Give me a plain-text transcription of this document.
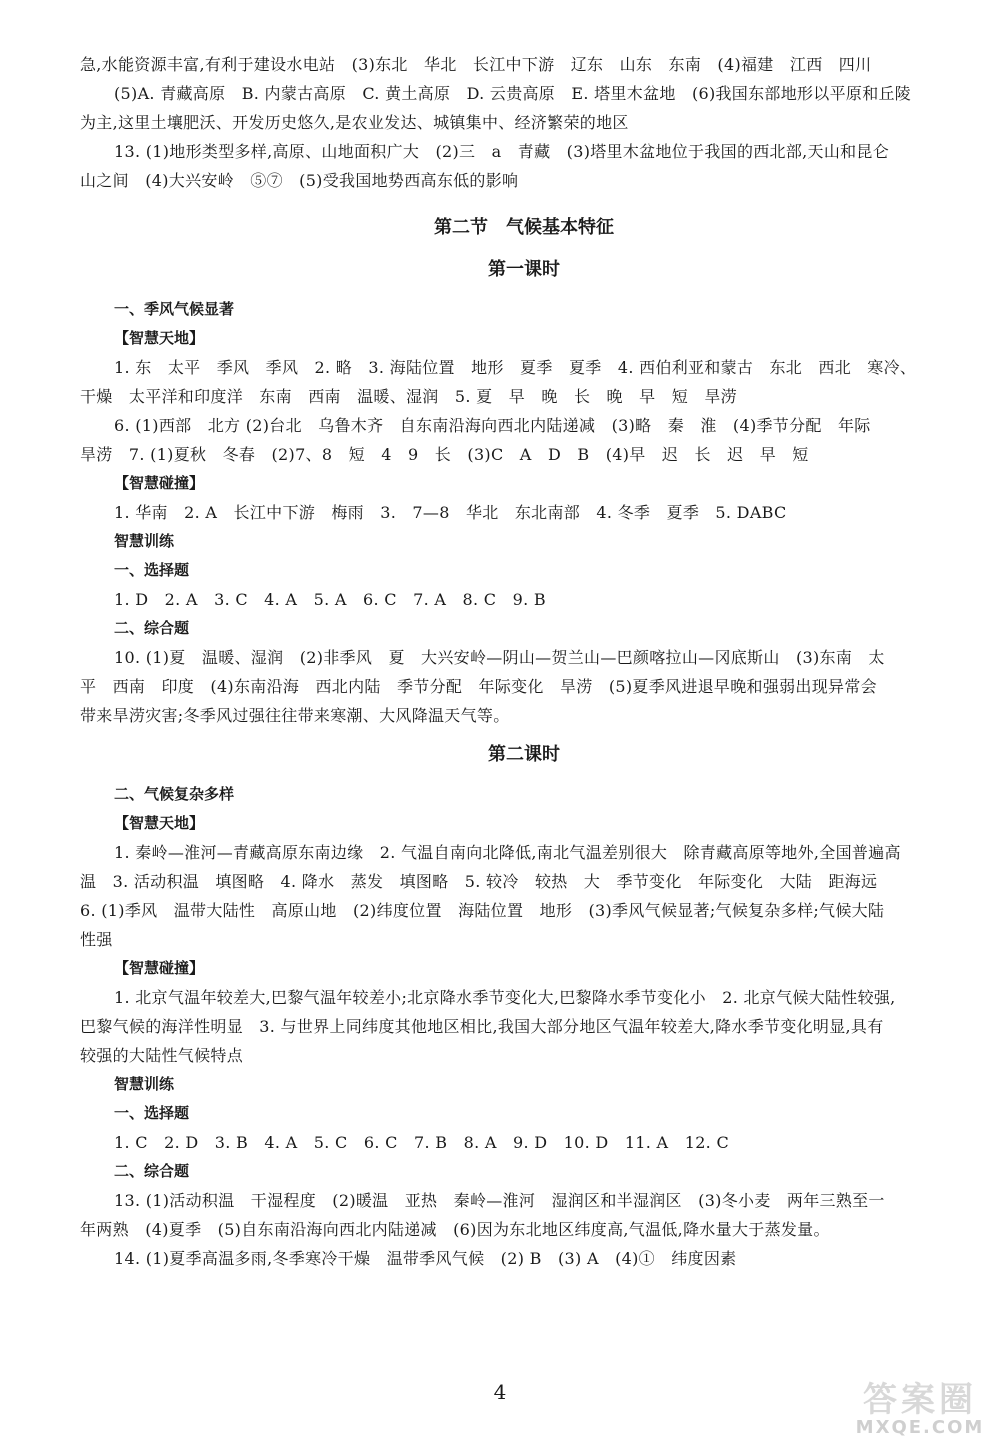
急,水能资源丰富,有利于建设水电站　(3)东北　华北　长江中下游　辽东　山东　东南　(4)福建　江西　四川
(5)A. 青藏高原　B. 内蒙古高原　C. 黄土高原　D. 云贵高原　E. 塔里木盆地　(6)我国东部地形以平原和丘陵
为主,这里土壤肥沃、开发历史悠久,是农业发达、城镇集中、经济繁荣的地区
13. (1)地形类型多样,高原、山地面积广大　(2)三　a　青藏　(3)塔里木盆地位于我国的西北部,天山和昆仑
山之间　(4)大兴安岭　⑤⑦　(5)受我国地势西高东低的影响
第二节　气候基本特征
第一课时
一、季风气候显著
【智慧天地】
1. 东　太平　季风　季风　2. 略　3. 海陆位置　地形　夏季　夏季　4. 西伯利亚和蒙古　东北　西北　寒冷、
干燥　太平洋和印度洋　东南　西南　温暖、湿润　5. 夏　早　晚　长　晚　早　短　旱涝
6. (1)西部　北方 (2)台北　乌鲁木齐　自东南沿海向西北内陆递减　(3)略　秦　淮　(4)季节分配　年际
旱涝　7. (1)夏秋　冬春　(2)7、8　短　4　9　长　(3)C　A　D　B　(4)早　迟　长　迟　早　短
【智慧碰撞】
1. 华南　2. A　长江中下游　梅雨　3.　7—8　华北　东北南部　4. 冬季　夏季　5. DABC
智慧训练
一、选择题
1. D　2. A　3. C　4. A　5. A　6. C　7. A　8. C　9. B
二、综合题
10. (1)夏　温暖、湿润　(2)非季风　夏　大兴安岭—阴山—贺兰山—巴颜喀拉山—冈底斯山　(3)东南　太
平　西南　印度　(4)东南沿海　西北内陆　季节分配　年际变化　旱涝　(5)夏季风进退早晚和强弱出现异常会
带来旱涝灾害;冬季风过强往往带来寒潮、大风降温天气等。
第二课时
二、气候复杂多样
【智慧天地】
1. 秦岭—淮河—青藏高原东南边缘　2. 气温自南向北降低,南北气温差别很大　除青藏高原等地外,全国普遍高
温　3. 活动积温　填图略　4. 降水　蒸发　填图略　5. 较冷　较热　大　季节变化　年际变化　大陆　距海远
6. (1)季风　温带大陆性　高原山地　(2)纬度位置　海陆位置　地形　(3)季风气候显著;气候复杂多样;气候大陆
性强
【智慧碰撞】
1. 北京气温年较差大,巴黎气温年较差小;北京降水季节变化大,巴黎降水季节变化小　2. 北京气候大陆性较强,
巴黎气候的海洋性明显　3. 与世界上同纬度其他地区相比,我国大部分地区气温年较差大,降水季节变化明显,具有
较强的大陆性气候特点
智慧训练
一、选择题
1. C　2. D　3. B　4. A　5. C　6. C　7. B　8. A　9. D　10. D　11. A　12. C
二、综合题
13. (1)活动积温　干湿程度　(2)暖温　亚热　秦岭—淮河　湿润区和半湿润区　(3)冬小麦　两年三熟至一
年两熟　(4)夏季　(5)自东南沿海向西北内陆递减　(6)因为东北地区纬度高,气温低,降水量大于蒸发量。
14. (1)夏季高温多雨,冬季寒冷干燥　温带季风气候　(2) B　(3) A　(4)①　纬度因素
4	答案圈
MXQE.COM
